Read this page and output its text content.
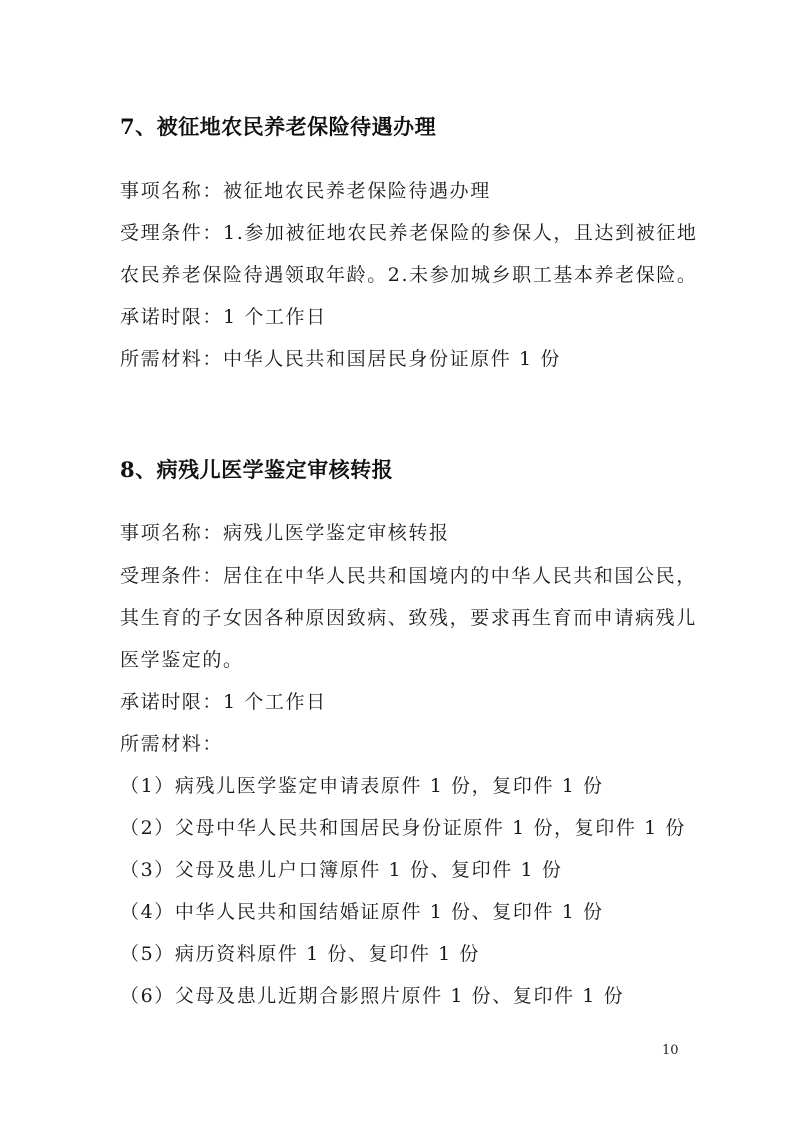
7、被征地农民养老保险待遇办理
事项名称：被征地农民养老保险待遇办理
受理条件：1.参加被征地农民养老保险的参保人，且达到被征地
农民养老保险待遇领取年龄。2.未参加城乡职工基本养老保险。
承诺时限：1 个工作日
所需材料：中华人民共和国居民身份证原件 1 份
8、病残儿医学鉴定审核转报
事项名称：病残儿医学鉴定审核转报
受理条件：居住在中华人民共和国境内的中华人民共和国公民，
其生育的子女因各种原因致病、致残，要求再生育而申请病残儿
医学鉴定的。
承诺时限：1 个工作日
所需材料：
（1）病残儿医学鉴定申请表原件 1 份，复印件 1 份
（2）父母中华人民共和国居民身份证原件 1 份，复印件 1 份
（3）父母及患儿户口簿原件 1 份、复印件 1 份
（4）中华人民共和国结婚证原件 1 份、复印件 1 份
（5）病历资料原件 1 份、复印件 1 份
（6）父母及患儿近期合影照片原件 1 份、复印件 1 份
10
